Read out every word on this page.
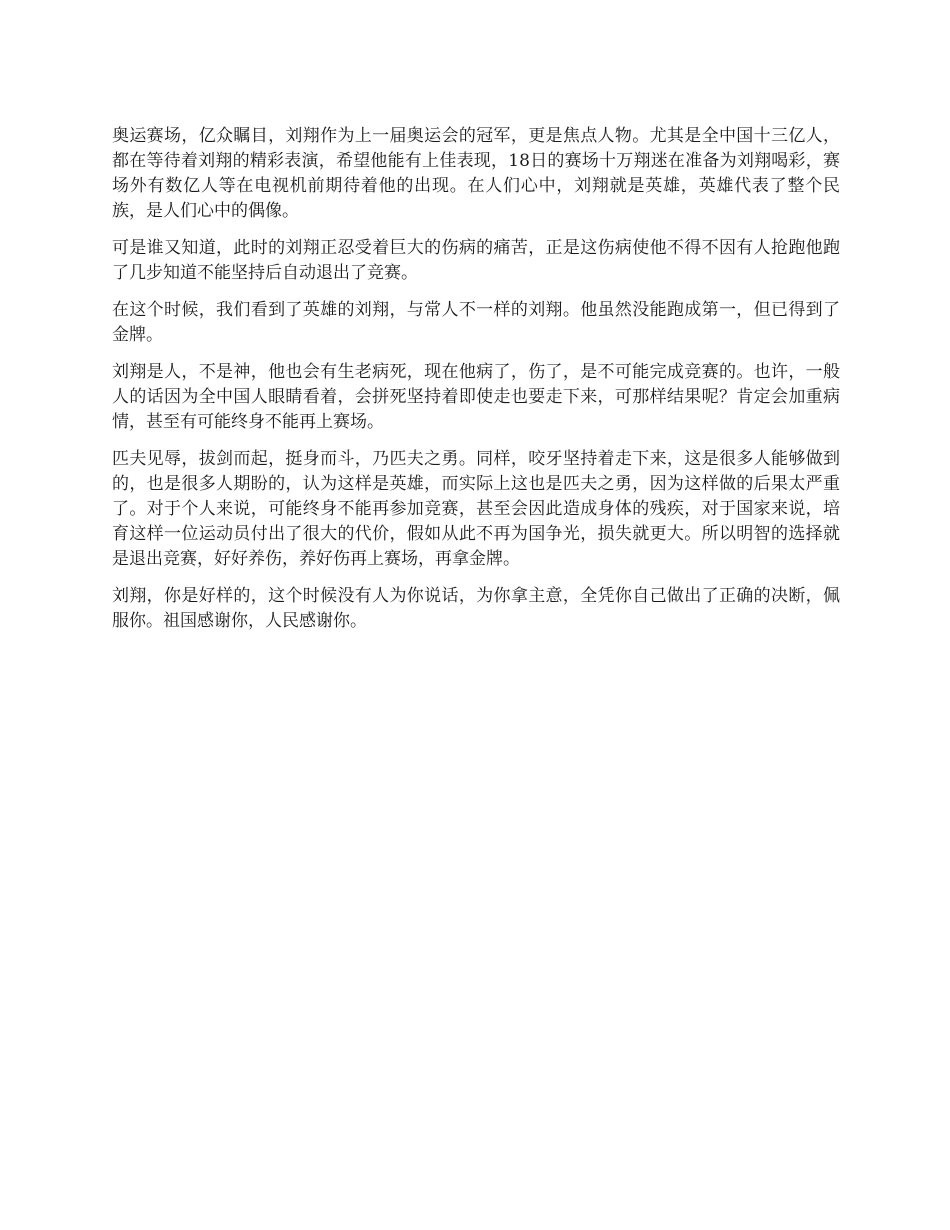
奥运赛场，亿众瞩目，刘翔作为上一届奥运会的冠军，更是焦点人物。尤其是全中国十三亿人，都在等待着刘翔的精彩表演，希望他能有上佳表现，18日的赛场十万翔迷在准备为刘翔喝彩，赛场外有数亿人等在电视机前期待着他的出现。在人们心中，刘翔就是英雄，英雄代表了整个民族，是人们心中的偶像。

可是谁又知道，此时的刘翔正忍受着巨大的伤病的痛苦，正是这伤病使他不得不因有人抢跑他跑了几步知道不能坚持后自动退出了竞赛。

在这个时候，我们看到了英雄的刘翔，与常人不一样的刘翔。他虽然没能跑成第一，但已得到了金牌。

刘翔是人，不是神，他也会有生老病死，现在他病了，伤了，是不可能完成竞赛的。也许，一般人的话因为全中国人眼睛看着，会拼死坚持着即使走也要走下来，可那样结果呢？肯定会加重病情，甚至有可能终身不能再上赛场。

匹夫见辱，拔剑而起，挺身而斗，乃匹夫之勇。同样，咬牙坚持着走下来，这是很多人能够做到的，也是很多人期盼的，认为这样是英雄，而实际上这也是匹夫之勇，因为这样做的后果太严重了。对于个人来说，可能终身不能再参加竞赛，甚至会因此造成身体的残疾，对于国家来说，培育这样一位运动员付出了很大的代价，假如从此不再为国争光，损失就更大。所以明智的选择就是退出竞赛，好好养伤，养好伤再上赛场，再拿金牌。

刘翔，你是好样的，这个时候没有人为你说话，为你拿主意，全凭你自己做出了正确的决断，佩服你。祖国感谢你，人民感谢你。
